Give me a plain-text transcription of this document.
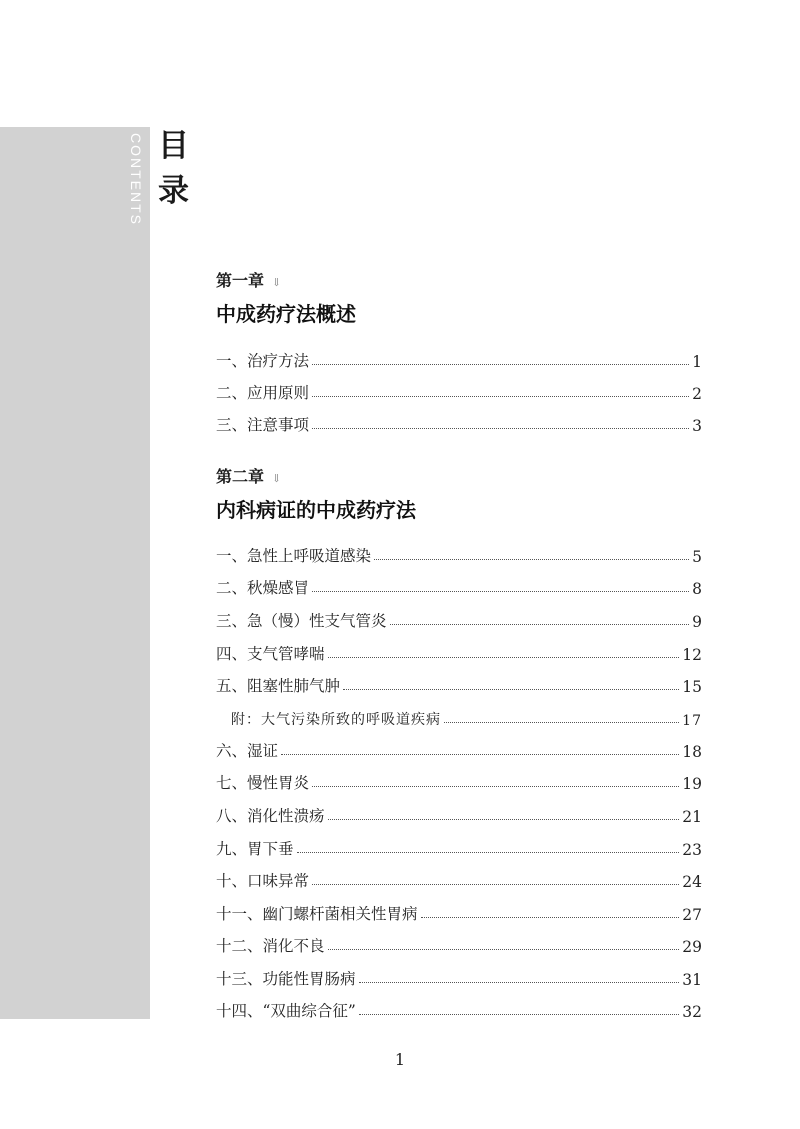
CONTENTS 目
录
第一章 ⇓
中成药疗法概述
一、治疗方法	1
二、应用原则	2
三、注意事项	3
第二章 ⇓
内科病证的中成药疗法
一、急性上呼吸道感染	5
二、秋燥感冒	8
三、急（慢）性支气管炎	9
四、支气管哮喘	12
五、阻塞性肺气肿	15
附：大气污染所致的呼吸道疾病	17
六、湿证	18
七、慢性胃炎	19
八、消化性溃疡	21
九、胃下垂	23
十、口味异常	24
十一、幽门螺杆菌相关性胃病	27
十二、消化不良	29
十三、功能性胃肠病	31
十四、“双曲综合征”	32
1
